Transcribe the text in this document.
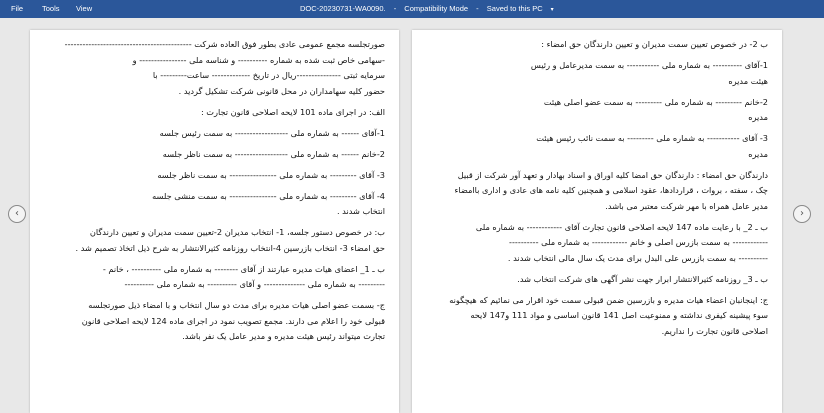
File	Tools View	DOC-20230731-WA0090. - Compatibility Mode - Saved to this PC ▾
‹	›

صورتجلسه مجمع عمومی عادی بطور فوق العاده شرکت -------------------------------------------

-سهامی خاص ثبت شده به شماره ---------- و شناسه ملی ---------------- و

سرمایه ثبتی ---------------ریال در تاریخ ------------- ساعت--------- با

حضور کلیه سهامداران در محل قانونی شرکت تشکیل گردید .

الف: در اجرای ماده 101 لایحه اصلاحی قانون تجارت :

1-آقای ------ به شماره ملی ------------------ به سمت رئیس جلسه

2-خانم ------ به شماره ملی ------------------ به سمت ناظر جلسه

3- آقای --------- به شماره ملی ---------------- به سمت ناظر جلسه

4- آقای --------- به شماره ملی ---------------- به سمت منشی جلسه

انتخاب شدند .

ب: در خصوص دستور جلسه، 1- انتخاب مدیران 2-تعیین سمت مدیران و تعیین دارندگان

حق امضاء 3- انتخاب بازرسین 4-انتخاب روزنامه کثیرالانتشار به شرح ذیل اتخاذ تصمیم شد .

ب ـ 1_ اعضای هیات مدیره عبارتند از آقای -------- به شماره ملی ---------- ، خانم -

--------- به شماره ملی -------------- و آقای ---------- به شماره ملی ----------

ج- بسمت عضو اصلی هیات مدیره برای مدت دو سال انتخاب و با امضاء ذیل صورتجلسه

قبولی خود را اعلام می دارند. مجمع تصویب نمود در اجرای ماده 124 لایحه اصلاحی قانون

تجارت میتواند رئیس هیئت مدیره و مدیر عامل یک نفر باشد.

ب 2- در خصوص تعیین سمت مدیران و تعیین دارندگان حق امضاء :

1-آقای ---------- به شماره ملی ----------- به سمت مدیرعامل و رئیس

هیئت مدیره

2-خانم --------- به شماره ملی --------- به سمت عضو اصلی هیئت

مدیره

3- آقای ----------- به شماره ملی --------- به سمت نائب رئیس هیئت

مدیره

دارندگان حق امضاء : دارندگان حق امضا کلیه اوراق و اسناد بهادار و تعهد آور شرکت از قبیل

چک ، سفته ، بروات ، قراردادها، عقود اسلامی و همچنین کلیه نامه های عادی و اداری باامضاء

مدیر عامل همراه با مهر شرکت معتبر می باشد.

ب ـ 2_ با رعایت ماده 147 لایحه اصلاحی قانون تجارت آقای ------------ به شماره ملی

------------ به سمت بازرس اصلی و خانم ------------ به شماره ملی ----------

---------- به سمت بازرس علی البدل برای مدت یک سال مالی انتخاب شدند .

ب ـ 3_ روزنامه کثیرالانتشار ابرار جهت نشر آگهی های شرکت انتخاب شد.

ج: اینجانبان اعضاء هیات مدیره و بازرسین ضمن قبولی سمت خود اقرار می نمائیم که هیچگونه

سوء پیشینه کیفری نداشته و ممنوعیت اصل 141 قانون اساسی و مواد 111 و147 لایحه

اصلاحی قانون تجارت را نداریم.
